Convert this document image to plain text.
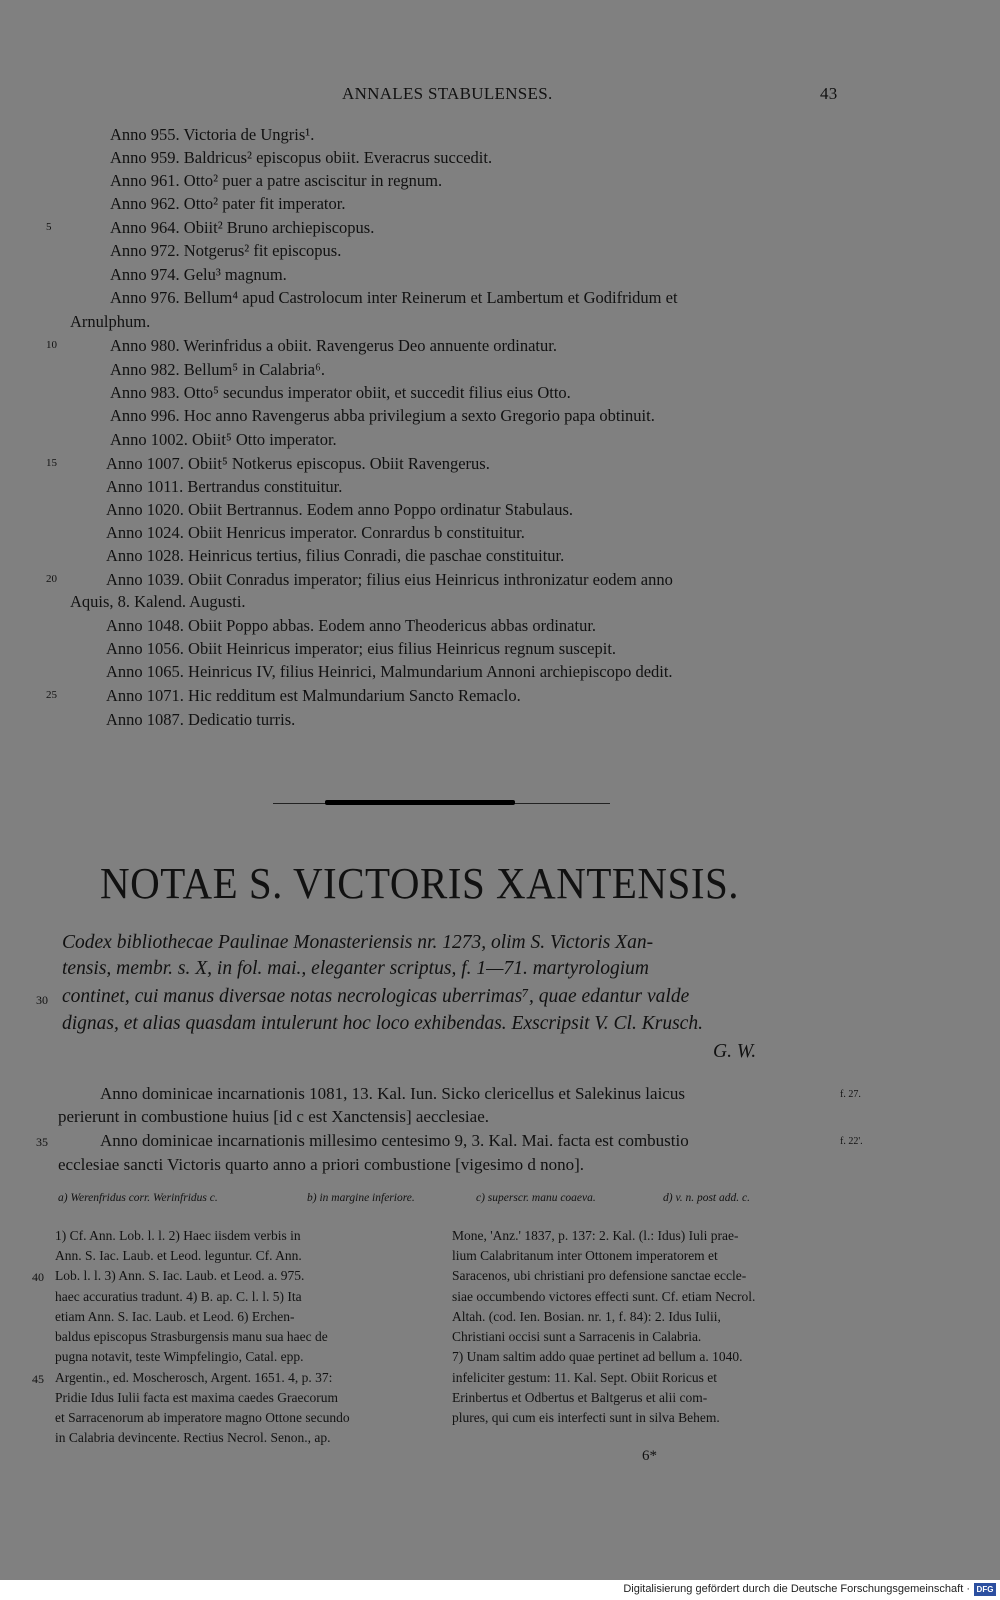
ANNALES STABULENSES.	43
Anno 955. Victoria de Ungris¹.
Anno 959. Baldricus² episcopus obiit. Everacrus succedit.
Anno 961. Otto² puer a patre asciscitur in regnum.
Anno 962. Otto² pater fit imperator.
Anno 964. Obiit² Bruno archiepiscopus.
5
Anno 972. Notgerus² fit episcopus.
Anno 974. Gelu³ magnum.
Anno 976. Bellum⁴ apud Castrolocum inter Reinerum et Lambertum et Godifridum et
Arnulphum.
Anno 980. Werinfridus a obiit. Ravengerus Deo annuente ordinatur.
10
Anno 982. Bellum⁵ in Calabria⁶.
Anno 983. Otto⁵ secundus imperator obiit, et succedit filius eius Otto.
Anno 996. Hoc anno Ravengerus abba privilegium a sexto Gregorio papa obtinuit.
Anno 1002. Obiit⁵ Otto imperator.
Anno 1007. Obiit⁵ Notkerus episcopus. Obiit Ravengerus.
15
Anno 1011. Bertrandus constituitur.
Anno 1020. Obiit Bertrannus. Eodem anno Poppo ordinatur Stabulaus.
Anno 1024. Obiit Henricus imperator. Conrardus b constituitur.
Anno 1028. Heinricus tertius, filius Conradi, die paschae constituitur.
Anno 1039. Obiit Conradus imperator; filius eius Heinricus inthronizatur eodem anno
20
Aquis, 8. Kalend. Augusti.
Anno 1048. Obiit Poppo abbas. Eodem anno Theodericus abbas ordinatur.
Anno 1056. Obiit Heinricus imperator; eius filius Heinricus regnum suscepit.
Anno 1065. Heinricus IV, filius Heinrici, Malmundarium Annoni archiepiscopo dedit.
Anno 1071. Hic redditum est Malmundarium Sancto Remaclo.
25
Anno 1087. Dedicatio turris.
NOTAE S. VICTORIS XANTENSIS.
Codex bibliothecae Paulinae Monasteriensis nr. 1273, olim S. Victoris Xan-
tensis, membr. s. X, in fol. mai., eleganter scriptus, f. 1—71. martyrologium
continet, cui manus diversae notas necrologicas uberrimas⁷, quae edantur valde
30
dignas, et alias quasdam intulerunt hoc loco exhibendas. Exscripsit V. Cl. Krusch.
G. W.
Anno dominicae incarnationis 1081, 13. Kal. Iun. Sicko clericellus et Salekinus laicus	f. 27.
perierunt in combustione huius [id c est Xanctensis] aecclesiae.
Anno dominicae incarnationis millesimo centesimo 9, 3. Kal. Mai. facta est combustio	f. 22'.
35
ecclesiae sancti Victoris quarto anno a priori combustione [vigesimo d nono].
a) Werenfridus corr. Werinfridus c.	b) in margine inferiore.	c) superscr. manu coaeva.	d) v. n. post add. c.
1) Cf. Ann. Lob. l. l. 2) Haec iisdem verbis in
Ann. S. Iac. Laub. et Leod. leguntur. Cf. Ann.
Lob. l. l. 3) Ann. S. Iac. Laub. et Leod. a. 975.
40
haec accuratius tradunt. 4) B. ap. C. l. l. 5) Ita
etiam Ann. S. Iac. Laub. et Leod. 6) Erchen-
baldus episcopus Strasburgensis manu sua haec de
pugna notavit, teste Wimpfelingio, Catal. epp.
Argentin., ed. Moscherosch, Argent. 1651. 4, p. 37:
45
Pridie Idus Iulii facta est maxima caedes Graecorum
et Sarracenorum ab imperatore magno Ottone secundo
in Calabria devincente. Rectius Necrol. Senon., ap.
Mone, 'Anz.' 1837, p. 137: 2. Kal. (l.: Idus) Iuli prae-
lium Calabritanum inter Ottonem imperatorem et
Saracenos, ubi christiani pro defensione sanctae eccle-
siae occumbendo victores effecti sunt. Cf. etiam Necrol.
Altah. (cod. Ien. Bosian. nr. 1, f. 84): 2. Idus Iulii,
Christiani occisi sunt a Sarracenis in Calabria.
7) Unam saltim addo quae pertinet ad bellum a. 1040.
infeliciter gestum: 11. Kal. Sept. Obiit Roricus et
Erinbertus et Odbertus et Baltgerus et alii com-
plures, qui cum eis interfecti sunt in silva Behem.
6*
Digitalisierung gefördert durch die Deutsche Forschungsgemeinschaft · DFG
